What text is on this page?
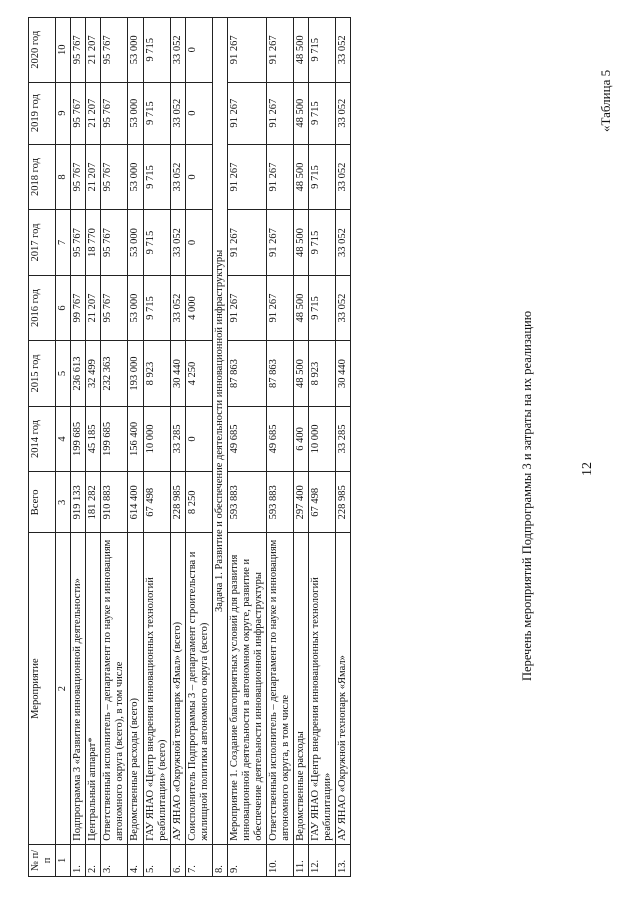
12
«Таблица 5
Перечень мероприятий Подпрограммы 3 и затраты на их реализацию
№ п/п	Мероприятие	Всего	2014 год	2015 год	2016 год	2017 год	2018 год	2019 год	2020 год
1	2	3	4	5	6	7	8	9	10
1.	Подпрограмма 3 «Развитие инновационной деятельности»	919 133	199 685	236 613	99 767	95 767	95 767	95 767	95 767
2.	Центральный аппарат*	181 282	45 185	32 499	21 207	18 770	21 207	21 207	21 207
3.	Ответственный исполнитель – департамент по науке и инновациям автономного округа (всего), в том числе	910 883	199 685	232 363	95 767	95 767	95 767	95 767	95 767
4.	Ведомственные расходы (всего)	614 400	156 400	193 000	53 000	53 000	53 000	53 000	53 000
5.	ГАУ ЯНАО «Центр внедрения инновационных технологий реабилитации» (всего)	67 498	10 000	8 923	9 715	9 715	9 715	9 715	9 715
6.	АУ ЯНАО «Окружной технопарк «Ямал» (всего)	228 985	33 285	30 440	33 052	33 052	33 052	33 052	33 052
7.	Соисполнитель Подпрограммы 3 – департамент строительства и жилищной политики автономного округа (всего)	8 250	0	4 250	4 000	0	0	0	0
8.	Задача 1. Развитие и обеспечение деятельности инновационной инфраструктуры								
9.	Мероприятие 1. Создание благоприятных условий для развития инновационной деятельности в автономном округе, развитие и обеспечение деятельности инновационной инфраструктуры	593 883	49 685	87 863	91 267	91 267	91 267	91 267	91 267
10.	Ответственный исполнитель – департамент по науке и инновациям автономного округа, в том числе	593 883	49 685	87 863	91 267	91 267	91 267	91 267	91 267
11.	Ведомственные расходы	297 400	6 400	48 500	48 500	48 500	48 500	48 500	48 500
12.	ГАУ ЯНАО «Центр внедрения инновационных технологий реабилитации»	67 498	10 000	8 923	9 715	9 715	9 715	9 715	9 715
13.	АУ ЯНАО «Окружной технопарк «Ямал»	228 985	33 285	30 440	33 052	33 052	33 052	33 052	33 052
